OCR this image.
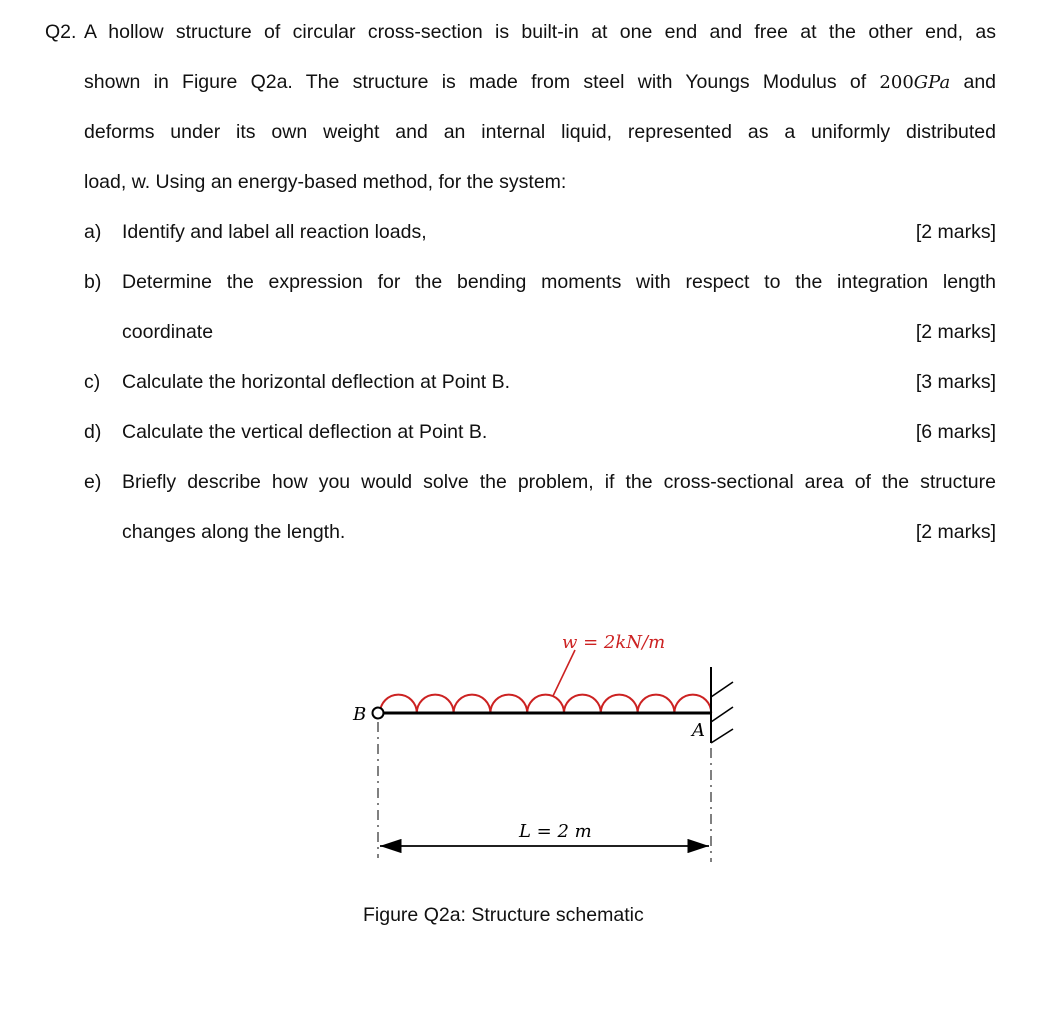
Q2. A hollow structure of circular cross-section is built-in at one end and free at the other end, as
shown in Figure Q2a. The structure is made from steel with Youngs Modulus of 200GPa and
deforms under its own weight and an internal liquid, represented as a uniformly distributed
load, w. Using an energy-based method, for the system:
a) Identify and label all reaction loads,	[2 marks]
b) Determine the expression for the bending moments with respect to the integration length
coordinate	[2 marks]
c) Calculate the horizontal deflection at Point B.	[3 marks]
d) Calculate the vertical deflection at Point B.	[6 marks]
e) Briefly describe how you would solve the problem, if the cross-sectional area of the structure
changes along the length.	[2 marks]
w = 2kN/m
B
A
L = 2 m
Figure Q2a: Structure schematic
